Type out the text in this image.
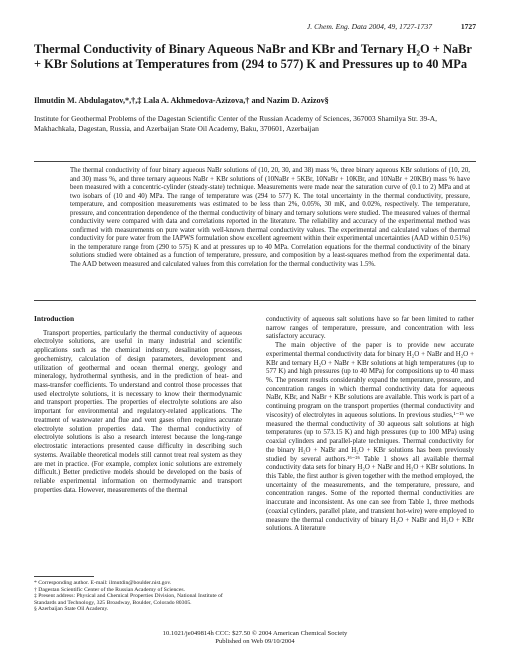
J. Chem. Eng. Data 2004, 49, 1727-1737	1727
Thermal Conductivity of Binary Aqueous NaBr and KBr and Ternary H₂O + NaBr + KBr Solutions at Temperatures from (294 to 577) K and Pressures up to 40 MPa
Ilmutdin M. Abdulagatov,*,†,‡ Lala A. Akhmedova-Azizova,† and Nazim D. Azizov§
Institute for Geothermal Problems of the Dagestan Scientific Center of the Russian Academy of Sciences, 367003 Shamilya Str. 39-A, Makhachkala, Dagestan, Russia, and Azerbaijan State Oil Academy, Baku, 370601, Azerbaijan
The thermal conductivity of four binary aqueous NaBr solutions of (10, 20, 30, and 38) mass %, three binary aqueous KBr solutions of (10, 20, and 30) mass %, and three ternary aqueous NaBr + KBr solutions of (10NaBr + 5KBr, 10NaBr + 10KBr, and 10NaBr + 20KBr) mass % have been measured with a concentric-cylinder (steady-state) technique. Measurements were made near the saturation curve of (0.1 to 2) MPa and at two isobars of (10 and 40) MPa. The range of temperature was (294 to 577) K. The total uncertainty in the thermal conductivity, pressure, temperature, and composition measurements was estimated to be less than 2%, 0.05%, 30 mK, and 0.02%, respectively. The temperature, pressure, and concentration dependence of the thermal conductivity of binary and ternary solutions were studied. The measured values of thermal conductivity were compared with data and correlations reported in the literature. The reliability and accuracy of the experimental method was confirmed with measurements on pure water with well-known thermal conductivity values. The experimental and calculated values of thermal conductivity for pure water from the IAPWS formulation show excellent agreement within their experimental uncertainties (AAD within 0.51%) in the temperature range from (290 to 575) K and at pressures up to 40 MPa. Correlation equations for the thermal conductivity of the binary solutions studied were obtained as a function of temperature, pressure, and composition by a least-squares method from the experimental data. The AAD between measured and calculated values from this correlation for the thermal conductivity was 1.5%.
Introduction

Transport properties, particularly the thermal conductivity of aqueous electrolyte solutions, are useful in many industrial and scientific applications such as the chemical industry, desalination processes, geochemistry, calculation of design parameters, development and utilization of geothermal and ocean thermal energy, geology and mineralogy, hydrothermal synthesis, and in the prediction of heat- and mass-transfer coefficients. To understand and control those processes that used electrolyte solutions, it is necessary to know their thermodynamic and transport properties. The properties of electrolyte solutions are also important for environmental and regulatory-related applications. The treatment of wastewater and flue and vent gases often requires accurate electrolyte solution properties data. The thermal conductivity of electrolyte solutions is also a research interest because the long-range electrostatic interactions presented cause difficulty in describing such systems. Available theoretical models still cannot treat real system as they are met in practice. (For example, complex ionic solutions are extremely difficult.) Better predictive models should be developed on the basis of reliable experimental information on thermodynamic and transport properties data. However, measurements of the thermal

conductivity of aqueous salt solutions have so far been limited to rather narrow ranges of temperature, pressure, and concentration with less satisfactory accuracy.

The main objective of the paper is to provide new accurate experimental thermal conductivity data for binary H₂O + NaBr and H₂O + KBr and ternary H₂O + NaBr + KBr solutions at high temperatures (up to 577 K) and high pressures (up to 40 MPa) for compositions up to 40 mass %. The present results considerably expand the temperature, pressure, and concentration ranges in which thermal conductivity data for aqueous NaBr, KBr, and NaBr + KBr solutions are available. This work is part of a continuing program on the transport properties (thermal conductivity and viscosity) of electrolytes in aqueous solutions. In previous studies,¹⁻¹⁵ we measured the thermal conductivity of 30 aqueous salt solutions at high temperatures (up to 573.15 K) and high pressures (up to 100 MPa) using coaxial cylinders and parallel-plate techniques. Thermal conductivity for the binary H₂O + NaBr and H₂O + KBr solutions has been previously studied by several authors.¹⁶⁻²⁶ Table 1 shows all available thermal conductivity data sets for binary H₂O + NaBr and H₂O + KBr solutions. In this Table, the first author is given together with the method employed, the uncertainty of the measurements, and the temperature, pressure, and concentration ranges. Some of the reported thermal conductivities are inaccurate and inconsistent. As one can see from Table 1, three methods (coaxial cylinders, parallel plate, and transient hot-wire) were employed to measure the thermal conductivity of binary H₂O + NaBr and H₂O + KBr solutions. A literature

* Corresponding author. E-mail: ilmutdin@boulder.nist.gov.
† Dagestan Scientific Center of the Russian Academy of Sciences.
‡ Present address: Physical and Chemical Properties Division, National Institute of Standards and Technology, 325 Broadway, Boulder, Colorado 80305.
§ Azerbaijan State Oil Academy.
10.1021/je049814h CCC: $27.50 © 2004 American Chemical Society
Published on Web 09/10/2004
